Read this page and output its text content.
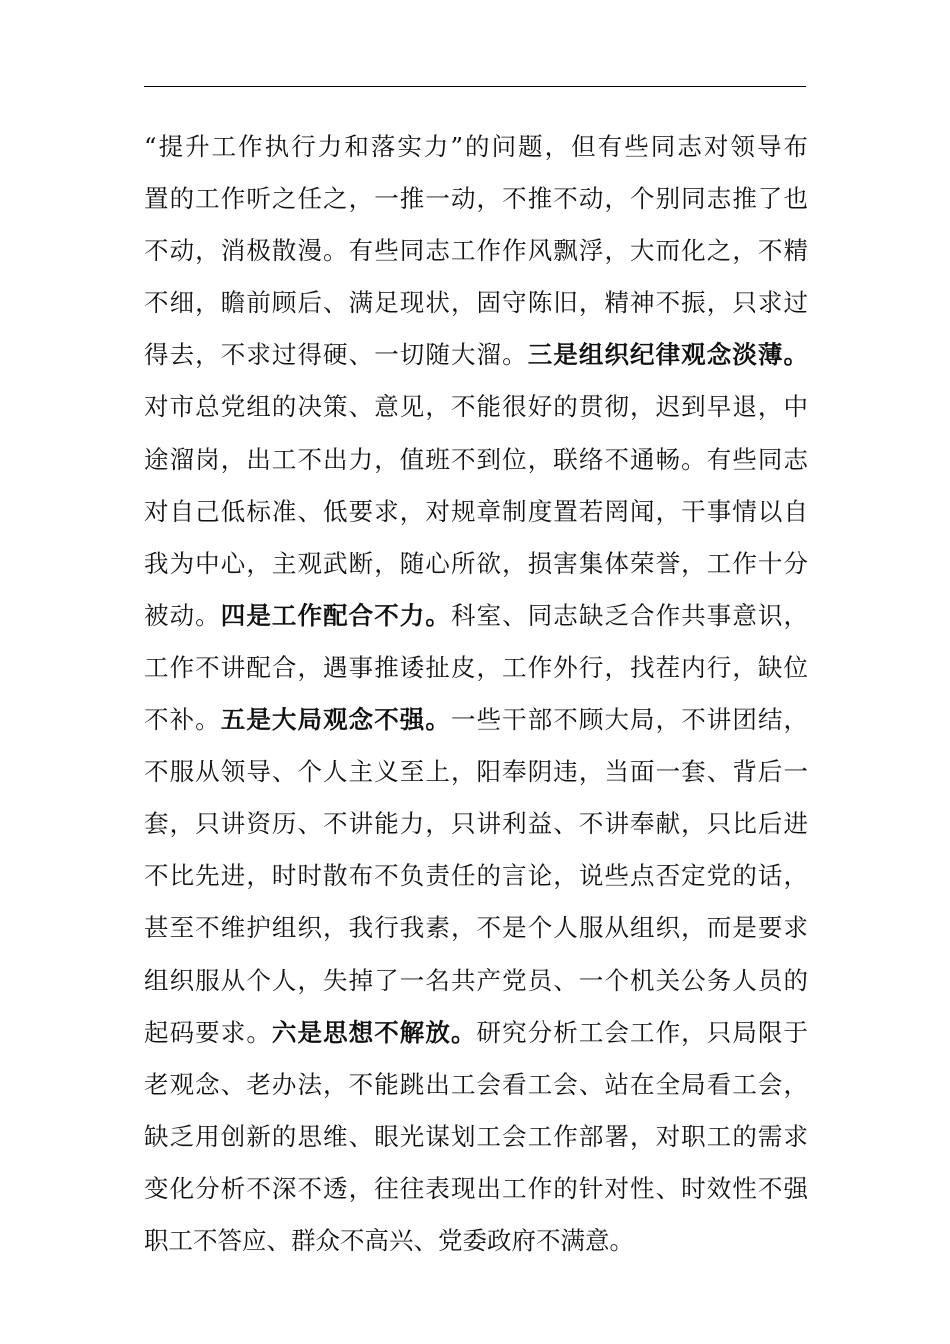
“提升工作执行力和落实力”的问题，但有些同志对领导布
置的工作听之任之，一推一动，不推不动，个别同志推了也
不动，消极散漫。有些同志工作作风飘浮，大而化之，不精
不细，瞻前顾后、满足现状，固守陈旧，精神不振，只求过
得去，不求过得硬、一切随大溜。三是组织纪律观念淡薄。
对市总党组的决策、意见，不能很好的贯彻，迟到早退，中
途溜岗，出工不出力，值班不到位，联络不通畅。有些同志
对自己低标准、低要求，对规章制度置若罔闻，干事情以自
我为中心，主观武断，随心所欲，损害集体荣誉，工作十分
被动。四是工作配合不力。科室、同志缺乏合作共事意识，
工作不讲配合，遇事推诿扯皮，工作外行，找茬内行，缺位
不补。五是大局观念不强。一些干部不顾大局，不讲团结，
不服从领导、个人主义至上，阳奉阴违，当面一套、背后一
套，只讲资历、不讲能力，只讲利益、不讲奉献，只比后进
不比先进，时时散布不负责任的言论，说些点否定党的话，
甚至不维护组织，我行我素，不是个人服从组织，而是要求
组织服从个人，失掉了一名共产党员、一个机关公务人员的
起码要求。六是思想不解放。研究分析工会工作，只局限于
老观念、老办法，不能跳出工会看工会、站在全局看工会，
缺乏用创新的思维、眼光谋划工会工作部署，对职工的需求
变化分析不深不透，往往表现出工作的针对性、时效性不强
职工不答应、群众不高兴、党委政府不满意。
